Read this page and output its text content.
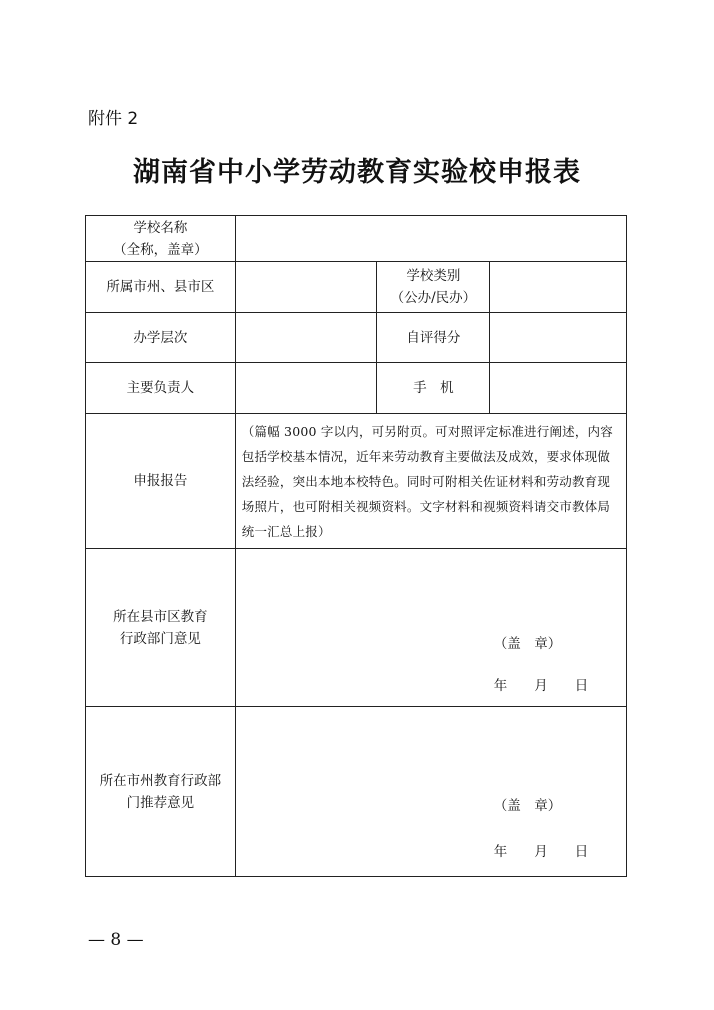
附件 2
湖南省中小学劳动教育实验校申报表
学校名称
（全称，盖章）			

所属市州、县市区		学校类别
（公办/民办）	

办学层次		自评得分	
主要负责人		手　机	
申报报告	（篇幅 3000 字以内，可另附页。可对照评定标准进行阐述，内容包括学校基本情况，近年来劳动教育主要做法及成效，要求体现做法经验，突出本地本校特色。同时可附相关佐证材料和劳动教育现场照片，也可附相关视频资料。文字材料和视频资料请交市教体局统一汇总上报）		
所在县市区教育行政部门意见	（盖　章）
年　　月　　日		

所在市州教育行政部门推荐意见	（盖　章）
年　　月　　日		
— 8 —
